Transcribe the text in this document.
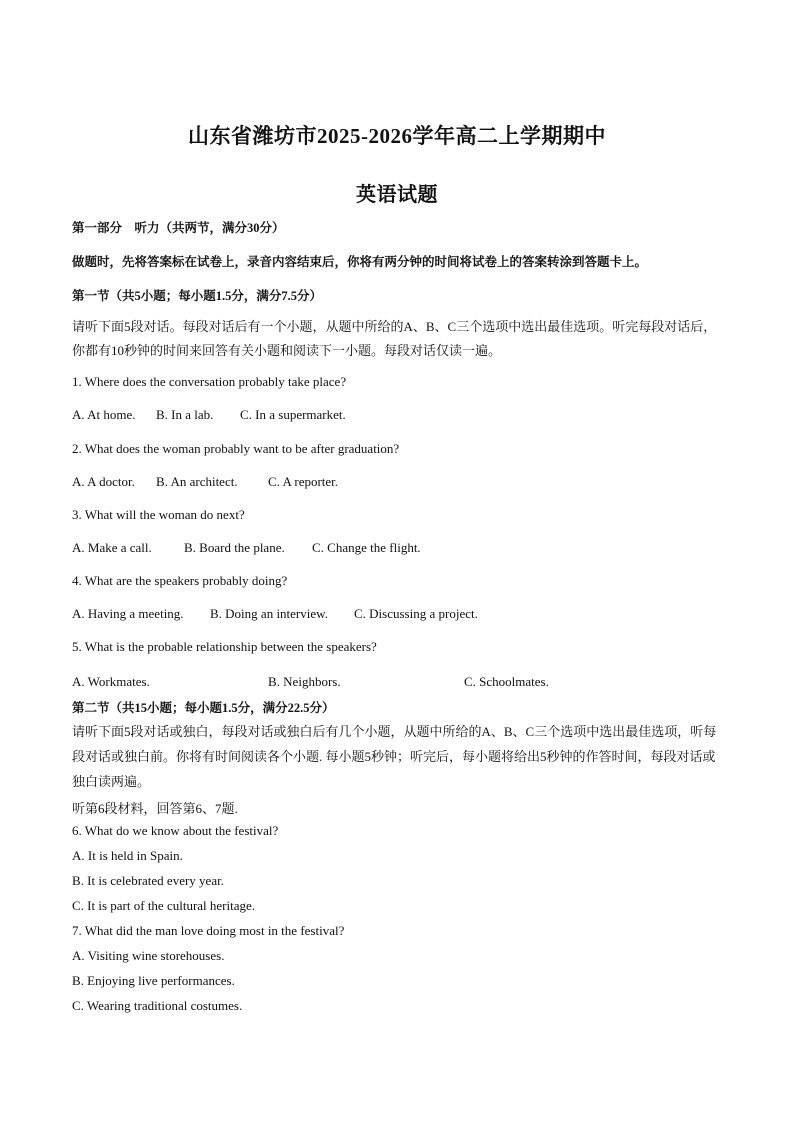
山东省潍坊市2025-2026学年高二上学期期中
英语试题
第一部分　听力（共两节，满分30分）
做题时，先将答案标在试卷上，录音内容结束后，你将有两分钟的时间将试卷上的答案转涂到答题卡上。
第一节（共5小题；每小题1.5分，满分7.5分）
请听下面5段对话。每段对话后有一个小题，从题中所给的A、B、C三个选项中选出最佳选项。听完每段对话后，你都有10秒钟的时间来回答有关小题和阅读下一小题。每段对话仅读一遍。
1. Where does the conversation probably take place?
A. At home.	B. In a lab.	C. In a supermarket.
2. What does the woman probably want to be after graduation?
A. A doctor.	B. An architect.	C. A reporter.
3. What will the woman do next?
A. Make a call.	B. Board the plane.	C. Change the flight.
4. What are the speakers probably doing?
A. Having a meeting.	B. Doing an interview.	C. Discussing a project.
5. What is the probable relationship between the speakers?
A. Workmates.	B. Neighbors.	C. Schoolmates.
第二节（共15小题；每小题1.5分，满分22.5分）
请听下面5段对话或独白，每段对话或独白后有几个小题，从题中所给的A、B、C三个选项中选出最佳选项，听每段对话或独白前。你将有时间阅读各个小题. 每小题5秒钟；听完后，每小题将给出5秒钟的作答时间，每段对话或独白读两遍。
听第6段材料，回答第6、7题.
6. What do we know about the festival?
A. It is held in Spain.
B. It is celebrated every year.
C. It is part of the cultural heritage.
7. What did the man love doing most in the festival?
A. Visiting wine storehouses.
B. Enjoying live performances.
C. Wearing traditional costumes.
